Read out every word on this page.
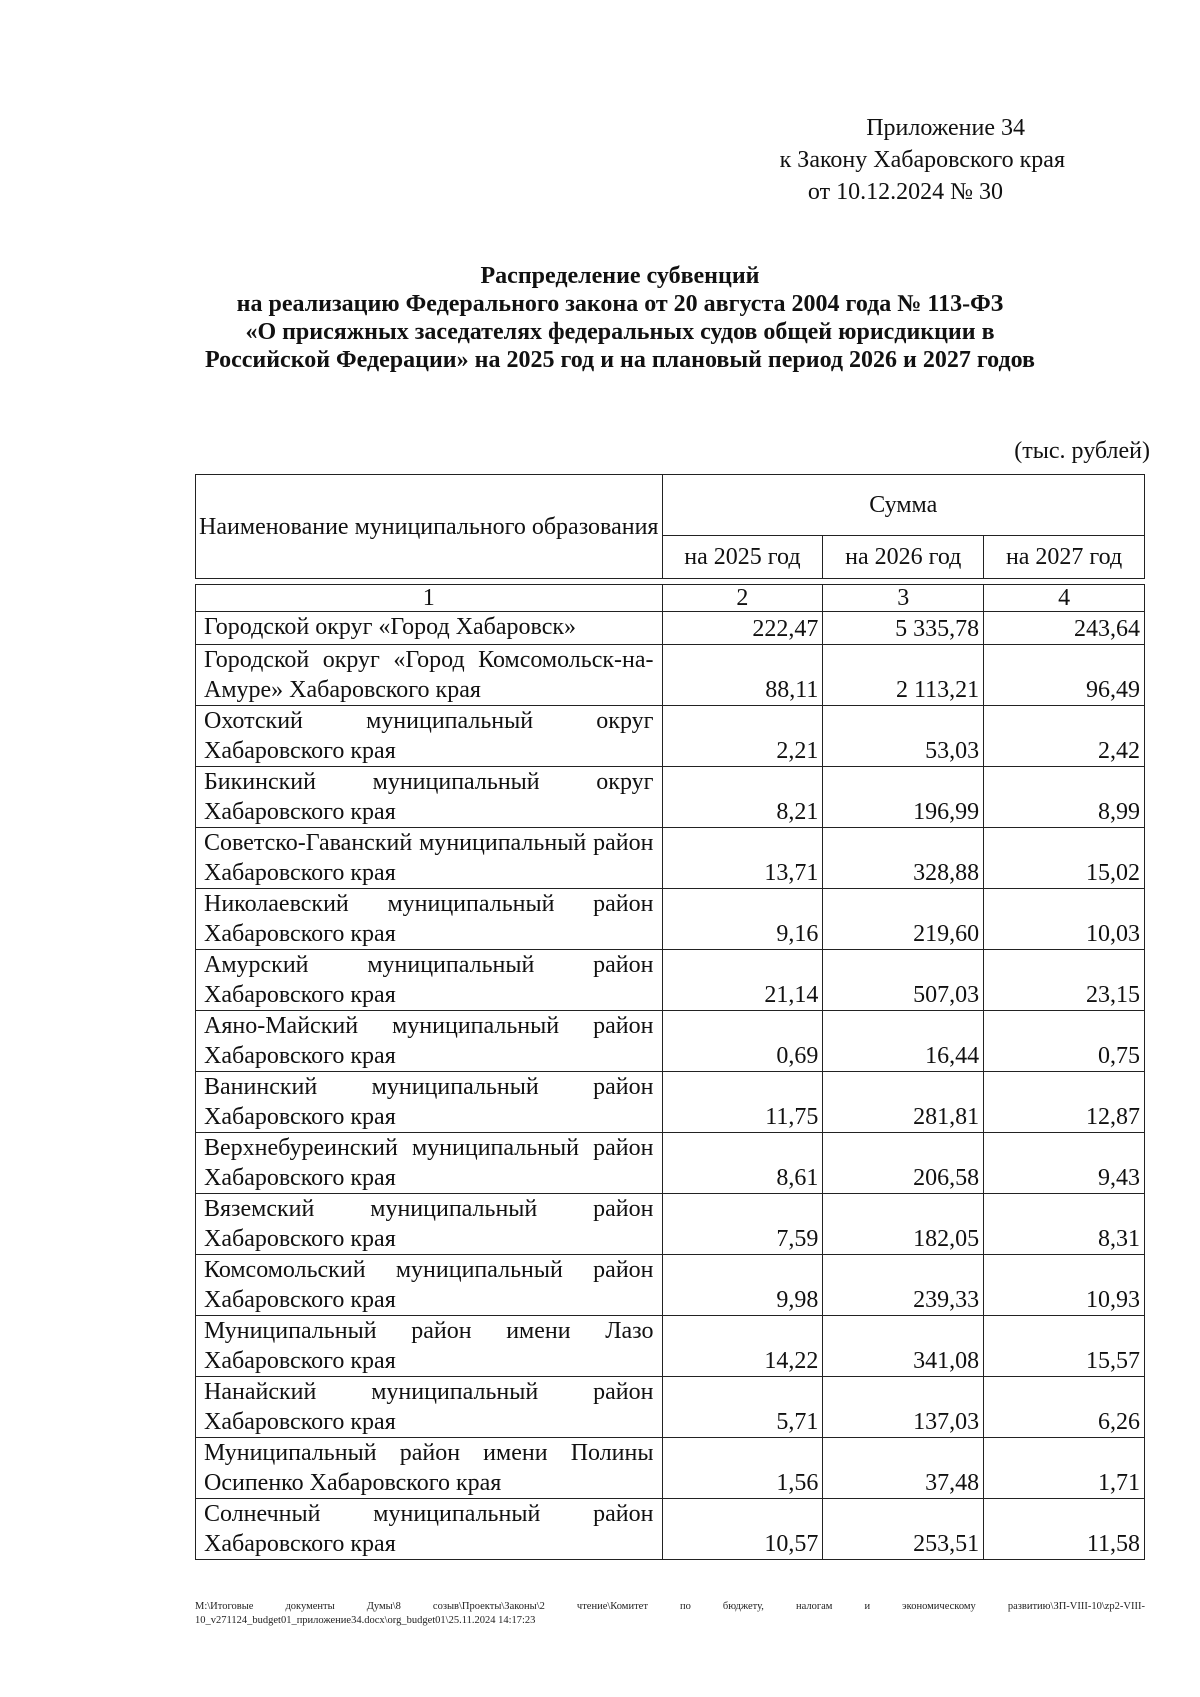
Приложение 34
к Закону Хабаровского края
от 10.12.2024 № 30
Распределение субвенций
на реализацию Федерального закона от 20 августа 2004 года № 113-ФЗ
«О присяжных заседателях федеральных судов общей юрисдикции в
Российской Федерации» на 2025 год и на плановый период 2026 и 2027 годов
(тыс. рублей)
Наименование муниципального образования	Сумма		
	на 2025 год	на 2026 год	на 2027 год

1	2	3	4
Городской округ «Город Хабаровск»	222,47	5 335,78	243,64
Городской округ «Город Комсомольск-на-Амуре» Хабаровского края	88,11	2 113,21	96,49
Охотский муниципальный округ Хабаровского края	2,21	53,03	2,42
Бикинский муниципальный округ Хабаровского края	8,21	196,99	8,99
Советско-Гаванский муниципальный район Хабаровского края	13,71	328,88	15,02
Николаевский муниципальный район Хабаровского края	9,16	219,60	10,03
Амурский муниципальный район Хабаровского края	21,14	507,03	23,15
Аяно-Майский муниципальный район Хабаровского края	0,69	16,44	0,75
Ванинский муниципальный район Хабаровского края	11,75	281,81	12,87
Верхнебуреинский муниципальный район Хабаровского края	8,61	206,58	9,43
Вяземский муниципальный район Хабаровского края	7,59	182,05	8,31
Комсомольский муниципальный район Хабаровского края	9,98	239,33	10,93
Муниципальный район имени Лазо Хабаровского края	14,22	341,08	15,57
Нанайский муниципальный район Хабаровского края	5,71	137,03	6,26
Муниципальный район имени Полины Осипенко Хабаровского края	1,56	37,48	1,71
Солнечный муниципальный район Хабаровского края	10,57	253,51	11,58
M:\Итоговые документы Думы\8 созыв\Проекты\Законы\2 чтение\Комитет по бюджету, налогам и экономическому развитию\ЗП-VIII-10\zp2-VIII-10_v271124_budget01_приложение34.docx\org_budget01\25.11.2024 14:17:23
